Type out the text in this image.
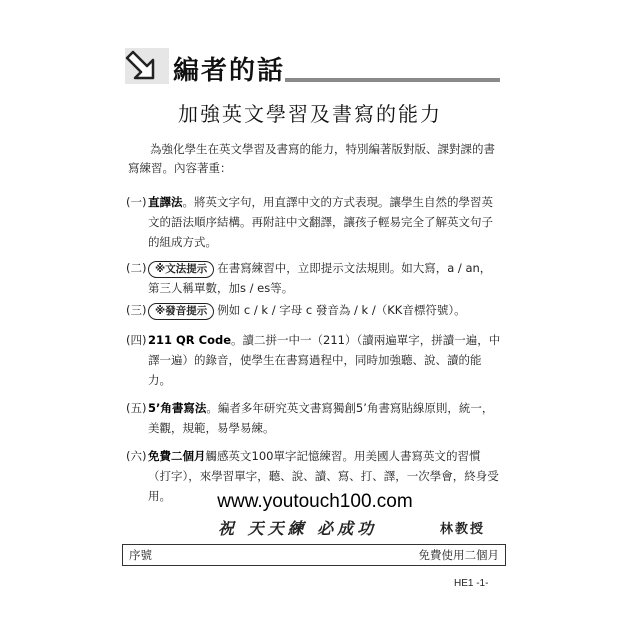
編者的話
加強英文學習及書寫的能力
為強化學生在英文學習及書寫的能力，特別編著版對版、課對課的書寫練習。內容著重：
(一) 直譯法。將英文字句，用直譯中文的方式表現。讓學生自然的學習英文的語法順序結構。再附註中文翻譯，讓孩子輕易完全了解英文句子的組成方式。
(二) ※文法提示 在書寫練習中，立即提示文法規則。如大寫，a / an，第三人稱單數，加s / es等。
(三) ※發音提示 例如 c / k / 字母 c 發音為 / k /（KK音標符號）。
(四) 211 QR Code。讀二拼一中一（211）（讀兩遍單字，拼讀一遍，中譯一遍）的錄音，使學生在書寫過程中，同時加強聽、說、讀的能力。
(五) 5’角書寫法。編者多年研究英文書寫獨創5’角書寫貼線原則，統一，美觀，規範，易學易練。
(六) 免費二個月觸感英文100單字記憶練習。用美國人書寫英文的習慣（打字），來學習單字，聽、說、讀、寫、打、譯，一次學會，終身受用。	www.youtouch100.com
祝 天天練 必成功	林教授
序號	免費使用二個月
HE1 -1-
